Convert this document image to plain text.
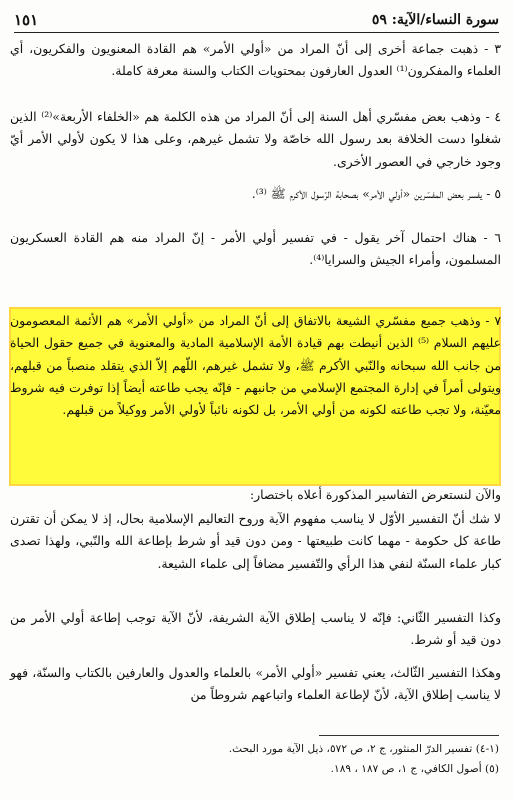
سورة النساء/الآية: ٥٩
١٥١
٣ - ذهبت جماعة أخرى إلى أنّ المراد من «أولي الأمر» هم القادة المعنويون والفكريون، أي العلماء والمفكرون⁽¹⁾ العدول العارفون بمحتويات الكتاب والسنة معرفة كاملة.
٤ - وذهب بعض مفسّري أهل السنة إلى أنّ المراد من هذه الكلمة هم «الخلفاء الأربعة»⁽²⁾ الذين شغلوا دست الخلافة بعد رسول الله خاصّة ولا تشمل غيرهم، وعلى هذا لا يكون لأولي الأمر أيّ وجود خارجي في العصور الأخرى.
٥ - يفسر بعض المفسّرين «أولي الأمر» بصحابة الرّسول الأكرم ﷺ ⁽³⁾.
٦ - هناك احتمال آخر يقول - في تفسير أولي الأمر - إنّ المراد منه هم القادة العسكريون المسلمون، وأمراء الجيش والسرايا⁽⁴⁾.
٧ - وذهب جميع مفسّري الشيعة بالاتفاق إلى أنّ المراد من «أولي الأمر» هم الأئمة المعصومون عليهم السلام ⁽⁵⁾ الذين أنيطت بهم قيادة الأمة الإسلامية المادية والمعنوية في جميع حقول الحياة من جانب الله سبحانه والنّبي الأكرم ﷺ، ولا تشمل غيرهم، اللّهم إلاّ الذي يتقلد منصباً من قبلهم، ويتولى أمراً في إدارة المجتمع الإسلامي من جانبهم - فإنّه يجب طاعته أيضاً إذا توفرت فيه شروط معيّنة، ولا تجب طاعته لكونه من أولي الأمر، بل لكونه نائباً لأولي الأمر ووكيلاً من قبلهم.
والآن لنستعرض التفاسير المذكورة أعلاه باختصار:
لا شك أنّ التفسير الأوّل لا يناسب مفهوم الآية وروح التعاليم الإسلامية بحال، إذ لا يمكن أن تقترن طاعة كل حكومة - مهما كانت طبيعتها - ومن دون قيد أو شرط بإطاعة الله والنّبي، ولهذا تصدى كبار علماء السنّة لنفي هذا الرأي والتّفسير مضافاً إلى علماء الشيعة.
وكذا التفسير الثّاني: فإنّه لا يناسب إطلاق الآية الشريفة، لأنّ الآية توجب إطاعة أولي الأمر من دون قيد أو شرط.
وهكذا التفسير الثّالث، يعني تفسير «أولي الأمر» بالعلماء والعدول والعارفين بالكتاب والسنّة، فهو لا يناسب إطلاق الآية، لأنّ لإطاعة العلماء واتباعهم شروطاً من
(١-٤) تفسير الدرّ المنثور، ج ٢، ص ٥٧٢، ذيل الآية مورد البحث.
(٥) أصول الكافي، ج ١، ص ١٨٧ ، ١٨٩.
